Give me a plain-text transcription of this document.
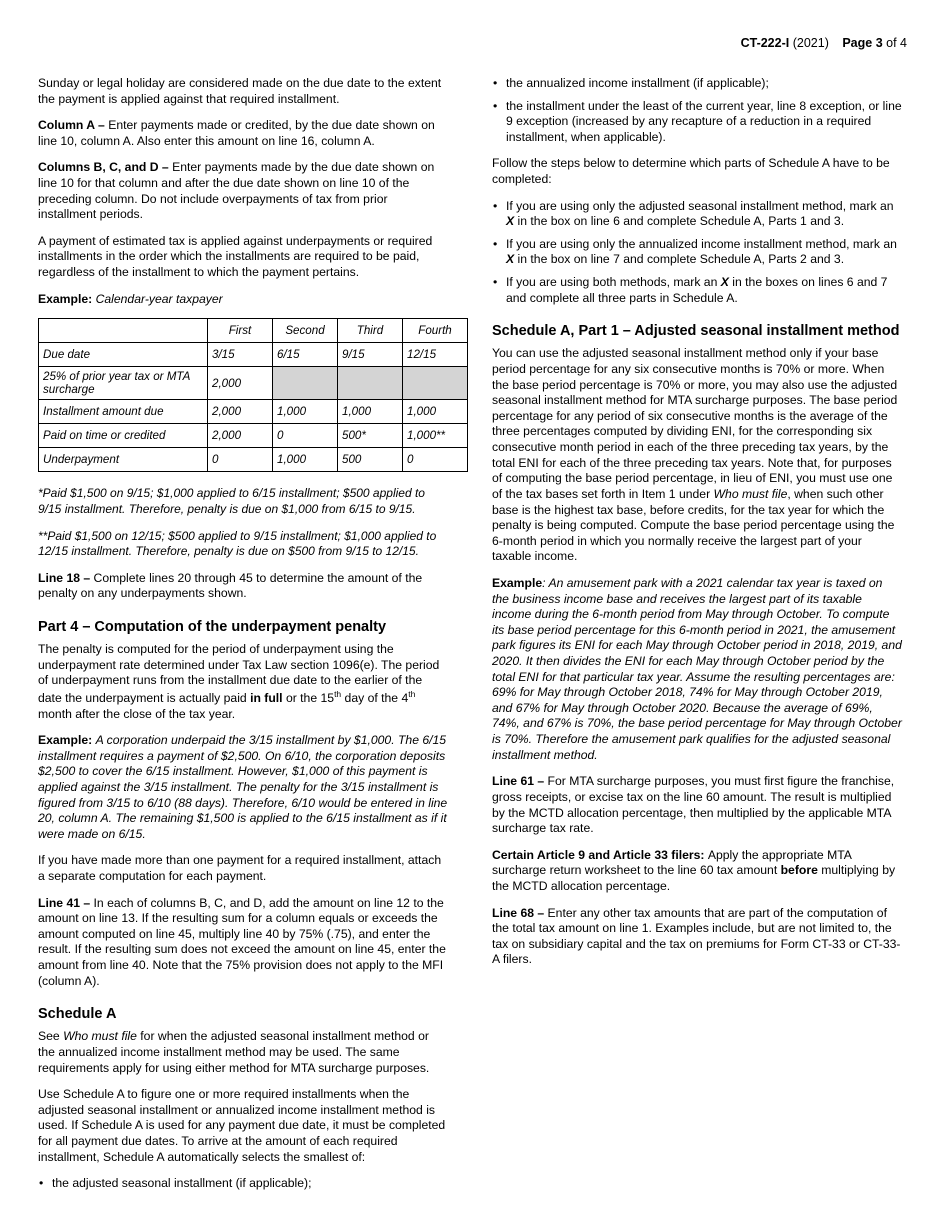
CT-222-I (2021) Page 3 of 4

Sunday or legal holiday are considered made on the due date to the extent the payment is applied against that required installment.

Column A – Enter payments made or credited, by the due date shown on line 10, column A. Also enter this amount on line 16, column A.

Columns B, C, and D – Enter payments made by the due date shown on line 10 for that column and after the due date shown on line 10 of the preceding column. Do not include overpayments of tax from prior installment periods.

A payment of estimated tax is applied against underpayments or required installments in the order which the installments are required to be paid, regardless of the installment to which the payment pertains.

Example: Calendar-year taxpayer

	First	Second	Third	Fourth
Due date	3/15	6/15	9/15	12/15
25% of prior year tax or MTA surcharge	2,000			
Installment amount due	2,000	1,000	1,000	1,000
Paid on time or credited	2,000	0	500*	1,000**
Underpayment	0	1,000	500	0

*Paid $1,500 on 9/15; $1,000 applied to 6/15 installment; $500 applied to 9/15 installment. Therefore, penalty is due on $1,000 from 6/15 to 9/15.

**Paid $1,500 on 12/15; $500 applied to 9/15 installment; $1,000 applied to 12/15 installment. Therefore, penalty is due on $500 from 9/15 to 12/15.

Line 18 – Complete lines 20 through 45 to determine the amount of the penalty on any underpayments shown.

Part 4 – Computation of the underpayment penalty

The penalty is computed for the period of underpayment using the underpayment rate determined under Tax Law section 1096(e). The period of underpayment runs from the installment due date to the earlier of the date the underpayment is actually paid in full or the 15th day of the 4th month after the close of the tax year.

Example: A corporation underpaid the 3/15 installment by $1,000. The 6/15 installment requires a payment of $2,500. On 6/10, the corporation deposits $2,500 to cover the 6/15 installment. However, $1,000 of this payment is applied against the 3/15 installment. The penalty for the 3/15 installment is figured from 3/15 to 6/10 (88 days). Therefore, 6/10 would be entered in line 20, column A. The remaining $1,500 is applied to the 6/15 installment as if it were made on 6/15.

If you have made more than one payment for a required installment, attach a separate computation for each payment.

Line 41 – In each of columns B, C, and D, add the amount on line 12 to the amount on line 13. If the resulting sum for a column equals or exceeds the amount computed on line 45, multiply line 40 by 75% (.75), and enter the result. If the resulting sum does not exceed the amount on line 45, enter the amount from line 40. Note that the 75% provision does not apply to the MFI (column A).

Schedule A

See Who must file for when the adjusted seasonal installment method or the annualized income installment method may be used. The same requirements apply for using either method for MTA surcharge purposes.

Use Schedule A to figure one or more required installments when the adjusted seasonal installment or annualized income installment method is used. If Schedule A is used for any payment due date, it must be completed for all payment due dates. To arrive at the amount of each required installment, Schedule A automatically selects the smallest of:

• the adjusted seasonal installment (if applicable);
• the annualized income installment (if applicable);
• the installment under the least of the current year, line 8 exception, or line 9 exception (increased by any recapture of a reduction in a required installment, when applicable).

Follow the steps below to determine which parts of Schedule A have to be completed:

• If you are using only the adjusted seasonal installment method, mark an X in the box on line 6 and complete Schedule A, Parts 1 and 3.
• If you are using only the annualized income installment method, mark an X in the box on line 7 and complete Schedule A, Parts 2 and 3.
• If you are using both methods, mark an X in the boxes on lines 6 and 7 and complete all three parts in Schedule A.
Schedule A, Part 1 – Adjusted seasonal installment method

You can use the adjusted seasonal installment method only if your base period percentage for any six consecutive months is 70% or more. When the base period percentage is 70% or more, you may also use the adjusted seasonal installment method for MTA surcharge purposes. The base period percentage for any period of six consecutive months is the average of the three percentages computed by dividing ENI, for the corresponding six consecutive month period in each of the three preceding tax years, by the total ENI for each of the three preceding tax years. Note that, for purposes of computing the base period percentage, in lieu of ENI, you must use one of the tax bases set forth in Item 1 under Who must file, when such other base is the highest tax base, before credits, for the tax year for which the penalty is being computed. Compute the base period percentage using the 6-month period in which you normally receive the largest part of your taxable income.

Example: An amusement park with a 2021 calendar tax year is taxed on the business income base and receives the largest part of its taxable income during the 6-month period from May through October. To compute its base period percentage for this 6-month period in 2021, the amusement park figures its ENI for each May through October period in 2018, 2019, and 2020. It then divides the ENI for each May through October period by the total ENI for that particular tax year. Assume the resulting percentages are: 69% for May through October 2018, 74% for May through October 2019, and 67% for May through October 2020. Because the average of 69%, 74%, and 67% is 70%, the base period percentage for May through October is 70%. Therefore the amusement park qualifies for the adjusted seasonal installment method.

Line 61 – For MTA surcharge purposes, you must first figure the franchise, gross receipts, or excise tax on the line 60 amount. The result is multiplied by the MCTD allocation percentage, then multiplied by the applicable MTA surcharge tax rate.

Certain Article 9 and Article 33 filers: Apply the appropriate MTA surcharge return worksheet to the line 60 tax amount before multiplying by the MCTD allocation percentage.

Line 68 – Enter any other tax amounts that are part of the computation of the total tax amount on line 1. Examples include, but are not limited to, the tax on subsidiary capital and the tax on premiums for Form CT-33 or CT-33-A filers.
